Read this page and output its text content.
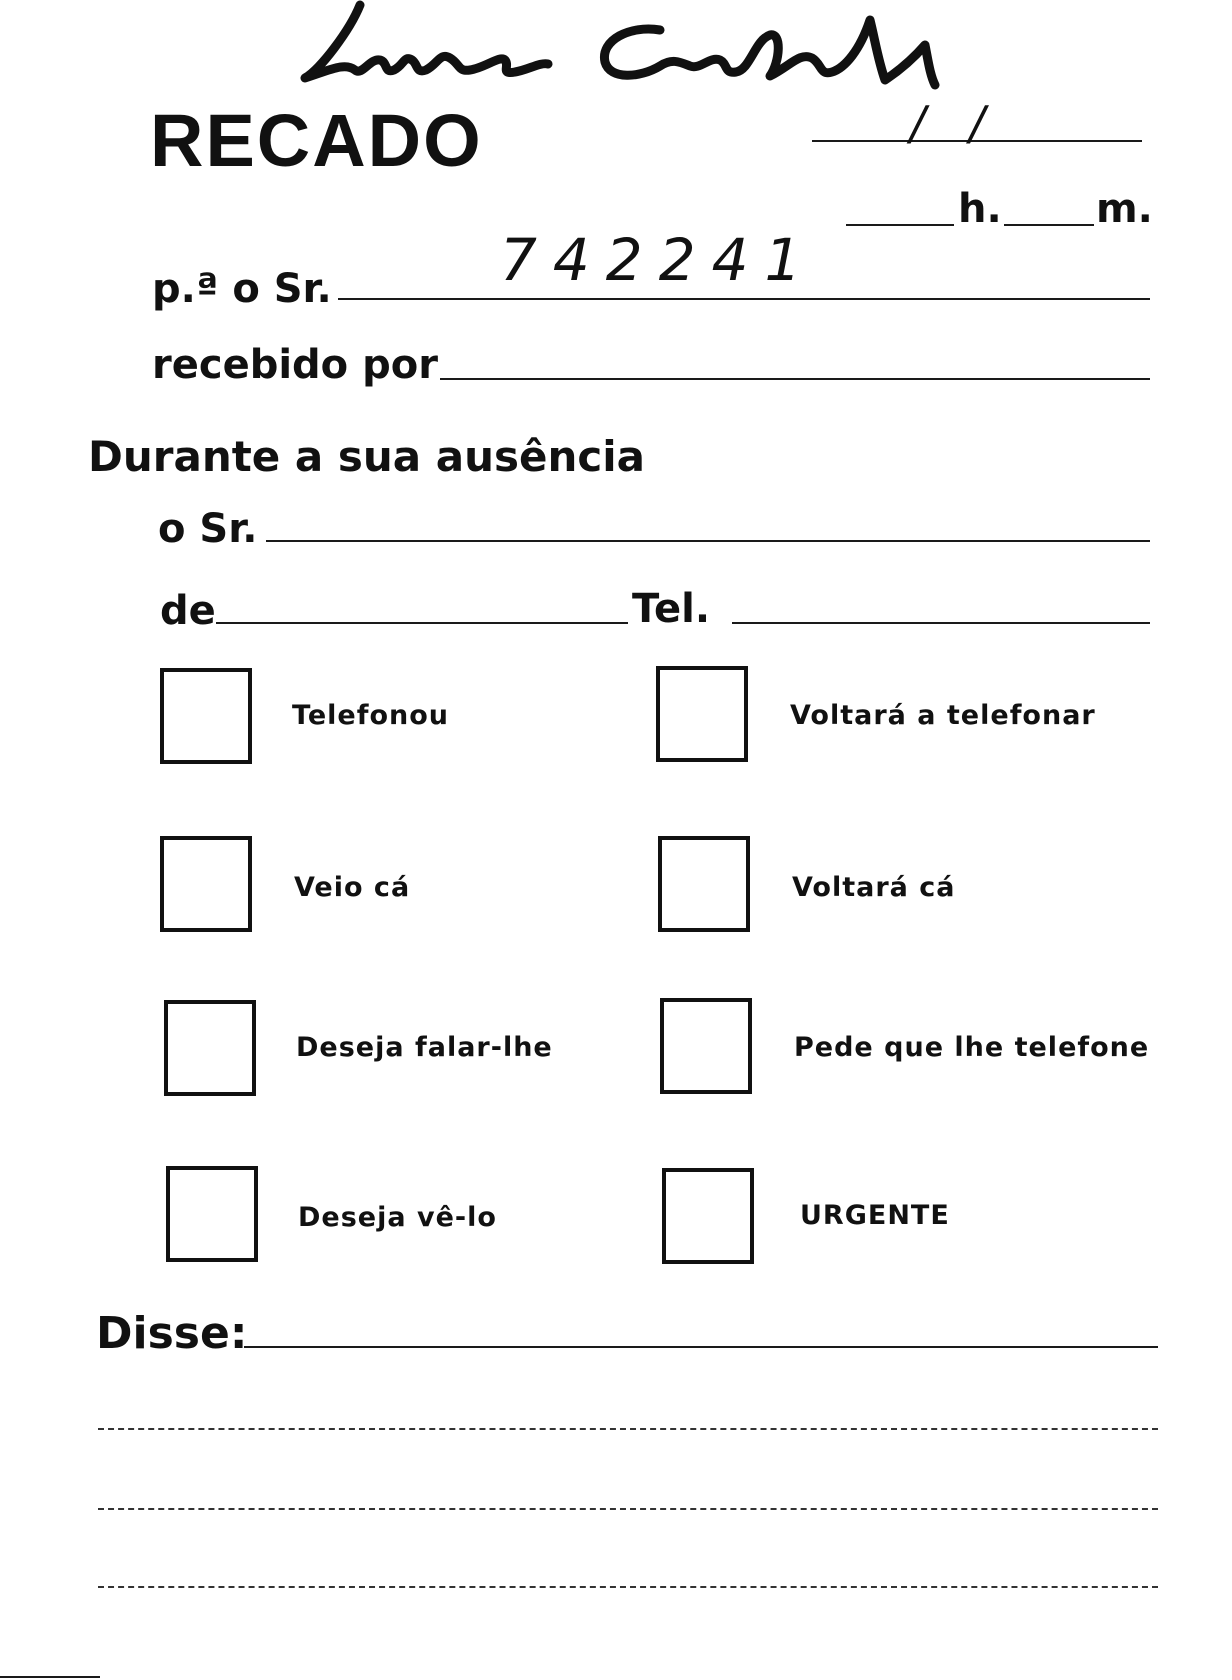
RECADO	/   /
h. m.
p.ª o Sr.	742241
recebido por
Durante a sua ausência
o Sr.
de	Tel.
Telefonou
Veio cá
Deseja falar-lhe
Deseja vê-lo
Voltará a telefonar
Voltará cá
Pede que lhe telefone
URGENTE
Disse:
